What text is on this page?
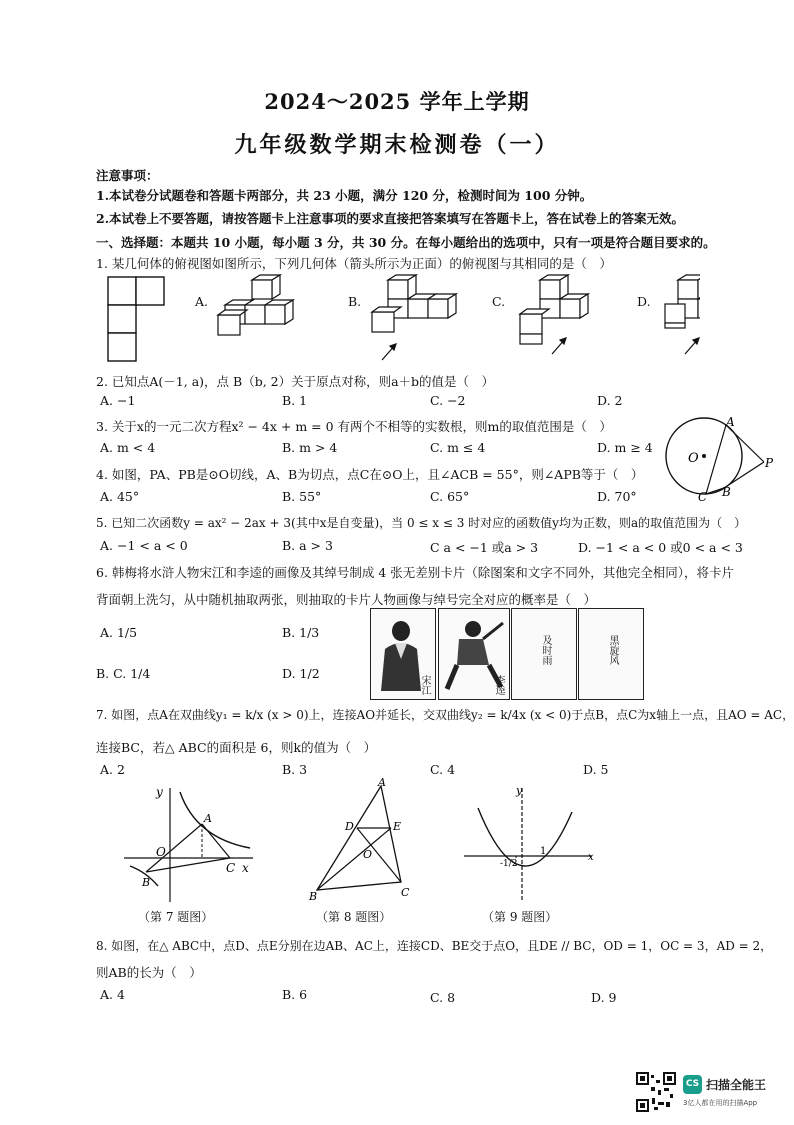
2024～2025 学年上学期
九年级数学期末检测卷（一）
注意事项：
1.本试卷分试题卷和答题卡两部分，共 23 小题，满分 120 分，检测时间为 100 分钟。
2.本试卷上不要答题，请按答题卡上注意事项的要求直接把答案填写在答题卡上，答在试卷上的答案无效。
一、选择题：本题共 10 小题，每小题 3 分，共 30 分。在每小题给出的选项中，只有一项是符合题目要求的。
1. 某几何体的俯视图如图所示，下列几何体（箭头所示为正面）的俯视图与其相同的是（　）
A.	B.	C.	D.
2. 已知点A(－1, a)，点 B（b, 2）关于原点对称，则a＋b的值是（　）
A. −1	B. 1	C. −2	D. 2
3. 关于x的一元二次方程x² − 4x + m = 0 有两个不相等的实数根，则m的取值范围是（　）
A. m < 4	B. m > 4	C. m ≤ 4	D. m ≥ 4
A
O	P
C B
4. 如图，PA、PB是⊙O切线，A、B为切点，点C在⊙O上，且∠ACB = 55°，则∠APB等于（　）
A. 45°	B. 55°	C. 65°	D. 70°
5. 已知二次函数y = ax² − 2ax + 3(其中x是自变量)，当 0 ≤ x ≤ 3 时对应的函数值y均为正数，则a的取值范围为（　）
A. −1 < a < 0	B. a > 3	C a < −1 或a > 3	D. −1 < a < 0 或0 < a < 3
6. 韩梅将水浒人物宋江和李逵的画像及其绰号制成 4 张无差别卡片（除图案和文字不同外，其他完全相同），将卡片
背面朝上洗匀，从中随机抽取两张，则抽取的卡片人物画像与绰号完全对应的概率是（　）
A. 1/5	B. 1/3
B. C. 1/4	D. 1/2
宋江	李逵
及时雨	黑旋风
7. 如图，点A在双曲线y₁ = k/x (x > 0)上，连接AO并延长，交双曲线y₂ = k/4x (x < 0)于点B，点C为x轴上一点，且AO = AC，
连接BC，若△ ABC的面积是 6，则k的值为（　）
A. 2	B. 3	C. 4	D. 5
y
A
O
C x
B
（第 7 题图）
A
D	E
O
B	C
（第 8 题图）
y
x
1
-1/2
（第 9 题图）
8. 如图，在△ ABC中，点D、点E分别在边AB、AC上，连接CD、BE交于点O，且DE // BC，OD = 1，OC = 3，AD = 2，
则AB的长为（　）
A. 4	B. 6	C. 8	D. 9
CS 扫描全能王
3亿人都在用的扫描App
